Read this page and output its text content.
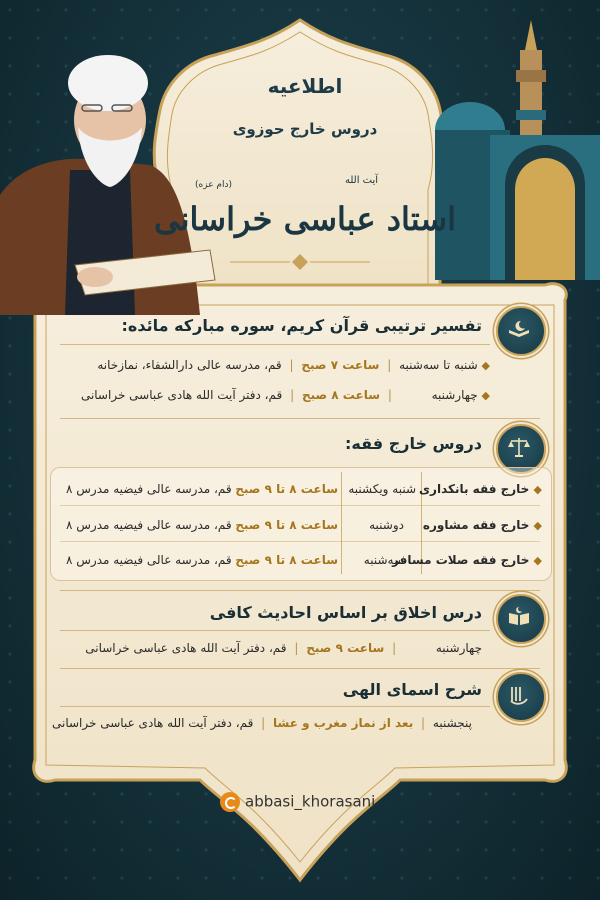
اطلاعیه
دروس خارج حوزوی
آیت الله
(دام عزه)
استاد عباسی خراسانی
تفسیر ترتیبی قرآن کریم، سوره مبارکه مائده:
◆ شنبه تا سه‌شنبه | ساعت ۷ صبح | قم، مدرسه عالی دارالشفاء، نمازخانه
◆ چهارشنبه | ساعت ۸ صبح | قم، دفتر آیت الله هادی عباسی خراسانی
دروس خارج فقه:
◆ خارج فقه بانکداری
شنبه ویکشنبه
ساعت ۸ تا ۹ صبح
قم، مدرسه عالی فیضیه مدرس ۸
◆ خارج فقه مشاوره
دوشنبه
ساعت ۸ تا ۹ صبح
قم، مدرسه عالی فیضیه مدرس ۸
◆ خارج فقه صلات مسافر
سه‌شنبه
ساعت ۸ تا ۹ صبح
قم، مدرسه عالی فیضیه مدرس ۸
درس اخلاق بر اساس احادیث کافی
چهارشنبه | ساعت ۹ صبح | قم، دفتر آیت الله هادی عباسی خراسانی
شرح اسمای الهی
پنجشنبه | بعد از نماز مغرب و عشا | قم، دفتر آیت الله هادی عباسی خراسانی
abbasi_khorasani
